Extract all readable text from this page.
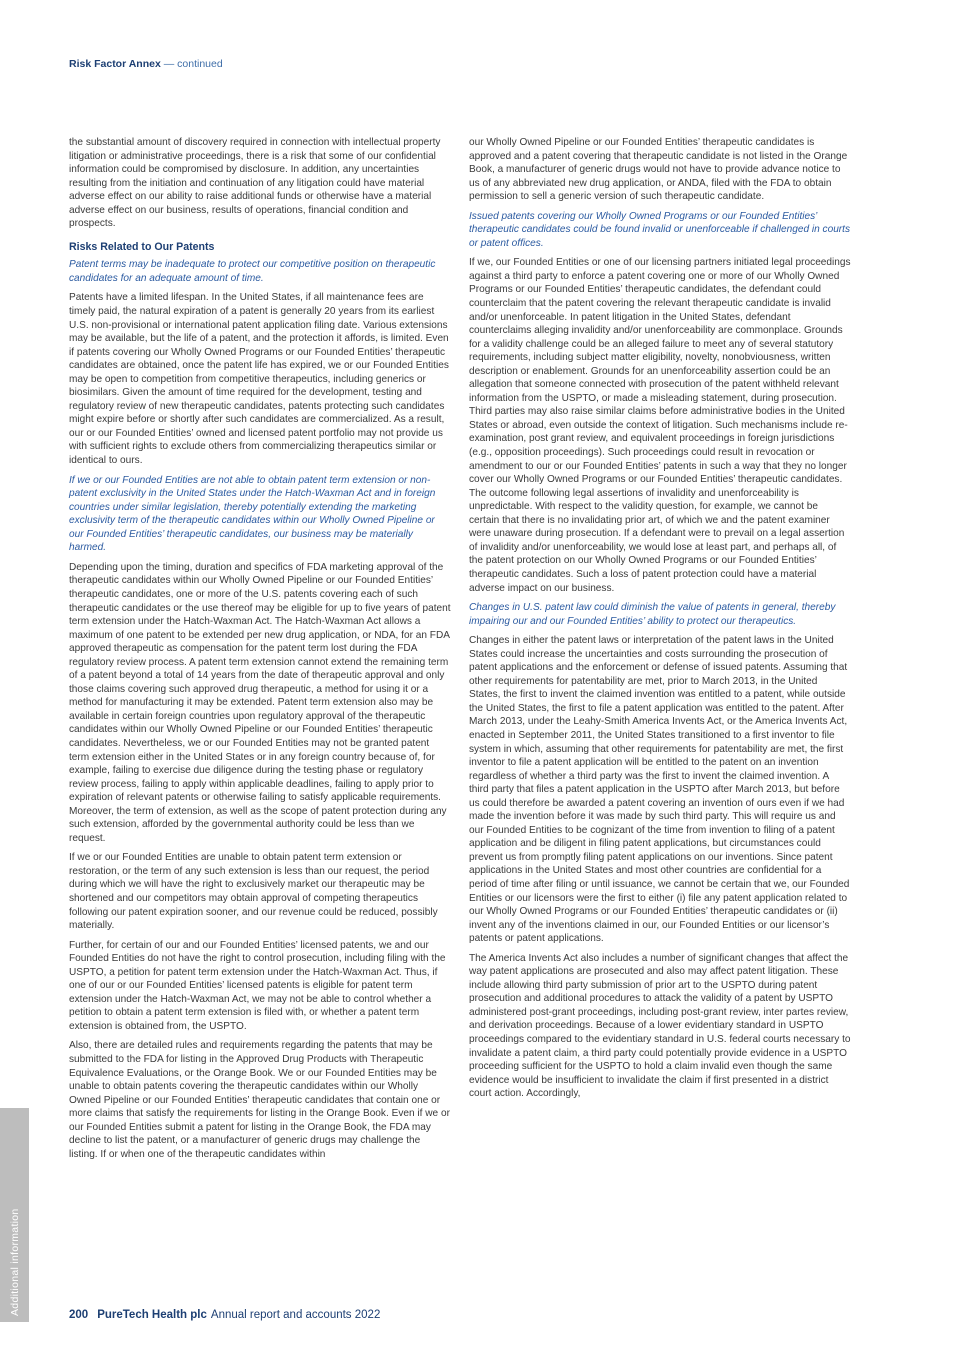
Risk Factor Annex — continued

the substantial amount of discovery required in connection with intellectual property litigation or administrative proceedings, there is a risk that some of our confidential information could be compromised by disclosure. In addition, any uncertainties resulting from the initiation and continuation of any litigation could have material adverse effect on our ability to raise additional funds or otherwise have a material adverse effect on our business, results of operations, financial condition and prospects.

Risks Related to Our Patents

Patent terms may be inadequate to protect our competitive position on therapeutic candidates for an adequate amount of time.

Patents have a limited lifespan. In the United States, if all maintenance fees are timely paid, the natural expiration of a patent is generally 20 years from its earliest U.S. non-provisional or international patent application filing date. Various extensions may be available, but the life of a patent, and the protection it affords, is limited. Even if patents covering our Wholly Owned Programs or our Founded Entities’ therapeutic candidates are obtained, once the patent life has expired, we or our Founded Entities may be open to competition from competitive therapeutics, including generics or biosimilars. Given the amount of time required for the development, testing and regulatory review of new therapeutic candidates, patents protecting such candidates might expire before or shortly after such candidates are commercialized. As a result, our or our Founded Entities’ owned and licensed patent portfolio may not provide us with sufficient rights to exclude others from commercializing therapeutics similar or identical to ours.

If we or our Founded Entities are not able to obtain patent term extension or non-patent exclusivity in the United States under the Hatch-Waxman Act and in foreign countries under similar legislation, thereby potentially extending the marketing exclusivity term of the therapeutic candidates within our Wholly Owned Pipeline or our Founded Entities’ therapeutic candidates, our business may be materially harmed.

Depending upon the timing, duration and specifics of FDA marketing approval of the therapeutic candidates within our Wholly Owned Pipeline or our Founded Entities’ therapeutic candidates, one or more of the U.S. patents covering each of such therapeutic candidates or the use thereof may be eligible for up to five years of patent term extension under the Hatch-Waxman Act. The Hatch-Waxman Act allows a maximum of one patent to be extended per new drug application, or NDA, for an FDA approved therapeutic as compensation for the patent term lost during the FDA regulatory review process. A patent term extension cannot extend the remaining term of a patent beyond a total of 14 years from the date of therapeutic approval and only those claims covering such approved drug therapeutic, a method for using it or a method for manufacturing it may be extended. Patent term extension also may be available in certain foreign countries upon regulatory approval of the therapeutic candidates within our Wholly Owned Pipeline or our Founded Entities’ therapeutic candidates. Nevertheless, we or our Founded Entities may not be granted patent term extension either in the United States or in any foreign country because of, for example, failing to exercise due diligence during the testing phase or regulatory review process, failing to apply within applicable deadlines, failing to apply prior to expiration of relevant patents or otherwise failing to satisfy applicable requirements. Moreover, the term of extension, as well as the scope of patent protection during any such extension, afforded by the governmental authority could be less than we request.

If we or our Founded Entities are unable to obtain patent term extension or restoration, or the term of any such extension is less than our request, the period during which we will have the right to exclusively market our therapeutic may be shortened and our competitors may obtain approval of competing therapeutics following our patent expiration sooner, and our revenue could be reduced, possibly materially.

Further, for certain of our and our Founded Entities’ licensed patents, we and our Founded Entities do not have the right to control prosecution, including filing with the USPTO, a petition for patent term extension under the Hatch-Waxman Act. Thus, if one of our or our Founded Entities’ licensed patents is eligible for patent term extension under the Hatch-Waxman Act, we may not be able to control whether a petition to obtain a patent term extension is filed with, or whether a patent term extension is obtained from, the USPTO.

Also, there are detailed rules and requirements regarding the patents that may be submitted to the FDA for listing in the Approved Drug Products with Therapeutic Equivalence Evaluations, or the Orange Book. We or our Founded Entities may be unable to obtain patents covering the therapeutic candidates within our Wholly Owned Pipeline or our Founded Entities’ therapeutic candidates that contain one or more claims that satisfy the requirements for listing in the Orange Book. Even if we or our Founded Entities submit a patent for listing in the Orange Book, the FDA may decline to list the patent, or a manufacturer of generic drugs may challenge the listing. If or when one of the therapeutic candidates within

our Wholly Owned Pipeline or our Founded Entities’ therapeutic candidates is approved and a patent covering that therapeutic candidate is not listed in the Orange Book, a manufacturer of generic drugs would not have to provide advance notice to us of any abbreviated new drug application, or ANDA, filed with the FDA to obtain permission to sell a generic version of such therapeutic candidate.

Issued patents covering our Wholly Owned Programs or our Founded Entities’ therapeutic candidates could be found invalid or unenforceable if challenged in courts or patent offices.

If we, our Founded Entities or one of our licensing partners initiated legal proceedings against a third party to enforce a patent covering one or more of our Wholly Owned Programs or our Founded Entities’ therapeutic candidates, the defendant could counterclaim that the patent covering the relevant therapeutic candidate is invalid and/or unenforceable. In patent litigation in the United States, defendant counterclaims alleging invalidity and/or unenforceability are commonplace. Grounds for a validity challenge could be an alleged failure to meet any of several statutory requirements, including subject matter eligibility, novelty, nonobviousness, written description or enablement. Grounds for an unenforceability assertion could be an allegation that someone connected with prosecution of the patent withheld relevant information from the USPTO, or made a misleading statement, during prosecution. Third parties may also raise similar claims before administrative bodies in the United States or abroad, even outside the context of litigation. Such mechanisms include re-examination, post grant review, and equivalent proceedings in foreign jurisdictions (e.g., opposition proceedings). Such proceedings could result in revocation or amendment to our or our Founded Entities’ patents in such a way that they no longer cover our Wholly Owned Programs or our Founded Entities’ therapeutic candidates. The outcome following legal assertions of invalidity and unenforceability is unpredictable. With respect to the validity question, for example, we cannot be certain that there is no invalidating prior art, of which we and the patent examiner were unaware during prosecution. If a defendant were to prevail on a legal assertion of invalidity and/or unenforceability, we would lose at least part, and perhaps all, of the patent protection on our Wholly Owned Programs or our Founded Entities’ therapeutic candidates. Such a loss of patent protection could have a material adverse impact on our business.

Changes in U.S. patent law could diminish the value of patents in general, thereby impairing our and our Founded Entities’ ability to protect our therapeutics.

Changes in either the patent laws or interpretation of the patent laws in the United States could increase the uncertainties and costs surrounding the prosecution of patent applications and the enforcement or defense of issued patents. Assuming that other requirements for patentability are met, prior to March 2013, in the United States, the first to invent the claimed invention was entitled to a patent, while outside the United States, the first to file a patent application was entitled to the patent. After March 2013, under the Leahy-Smith America Invents Act, or the America Invents Act, enacted in September 2011, the United States transitioned to a first inventor to file system in which, assuming that other requirements for patentability are met, the first inventor to file a patent application will be entitled to the patent on an invention regardless of whether a third party was the first to invent the claimed invention. A third party that files a patent application in the USPTO after March 2013, but before us could therefore be awarded a patent covering an invention of ours even if we had made the invention before it was made by such third party. This will require us and our Founded Entities to be cognizant of the time from invention to filing of a patent application and be diligent in filing patent applications, but circumstances could prevent us from promptly filing patent applications on our inventions. Since patent applications in the United States and most other countries are confidential for a period of time after filing or until issuance, we cannot be certain that we, our Founded Entities or our licensors were the first to either (i) file any patent application related to our Wholly Owned Programs or our Founded Entities’ therapeutic candidates or (ii) invent any of the inventions claimed in our, our Founded Entities or our licensor’s patents or patent applications.

The America Invents Act also includes a number of significant changes that affect the way patent applications are prosecuted and also may affect patent litigation. These include allowing third party submission of prior art to the USPTO during patent prosecution and additional procedures to attack the validity of a patent by USPTO administered post-grant proceedings, including post-grant review, inter partes review, and derivation proceedings. Because of a lower evidentiary standard in USPTO proceedings compared to the evidentiary standard in U.S. federal courts necessary to invalidate a patent claim, a third party could potentially provide evidence in a USPTO proceeding sufficient for the USPTO to hold a claim invalid even though the same evidence would be insufficient to invalidate the claim if first presented in a district court action. Accordingly,

Additional information	200 PureTech Health plc Annual report and accounts 2022
